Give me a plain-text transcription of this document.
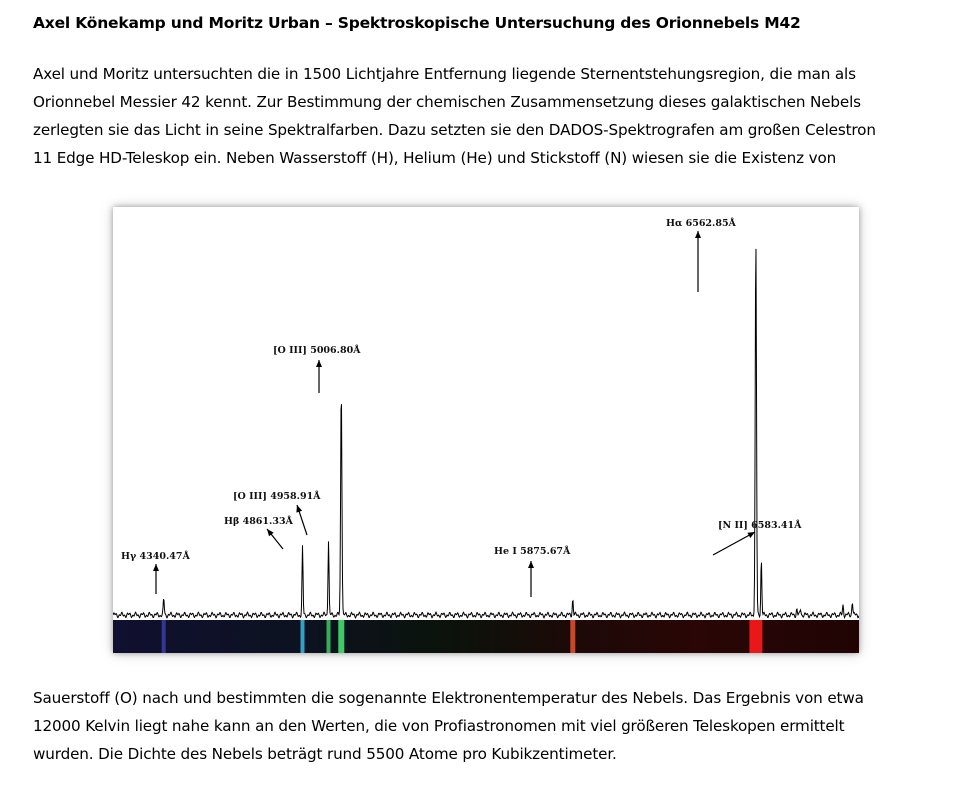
Axel Könekamp und Moritz Urban – Spektroskopische Untersuchung des Orionnebels M42

Axel und Moritz untersuchten die in 1500 Lichtjahre Entfernung liegende Sternentstehungsregion, die man als
Orionnebel Messier 42 kennt. Zur Bestimmung der chemischen Zusammensetzung dieses galaktischen Nebels
zerlegten sie das Licht in seine Spektralfarben. Dazu setzten sie den DADOS-Spektrografen am großen Celestron
11 Edge HD-Teleskop ein. Neben Wasserstoff (H), Helium (He) und Stickstoff (N) wiesen sie die Existenz von

Hγ 4340.47Å
Hβ 4861.33Å
[O III] 4958.91Å
[O III] 5006.80Å
He I 5875.67Å
Hα 6562.85Å
[N II] 6583.41Å

Sauerstoff (O) nach und bestimmten die sogenannte Elektronentemperatur des Nebels. Das Ergebnis von etwa
12000 Kelvin liegt nahe kann an den Werten, die von Profiastronomen mit viel größeren Teleskopen ermittelt
wurden. Die Dichte des Nebels beträgt rund 5500 Atome pro Kubikzentimeter.
